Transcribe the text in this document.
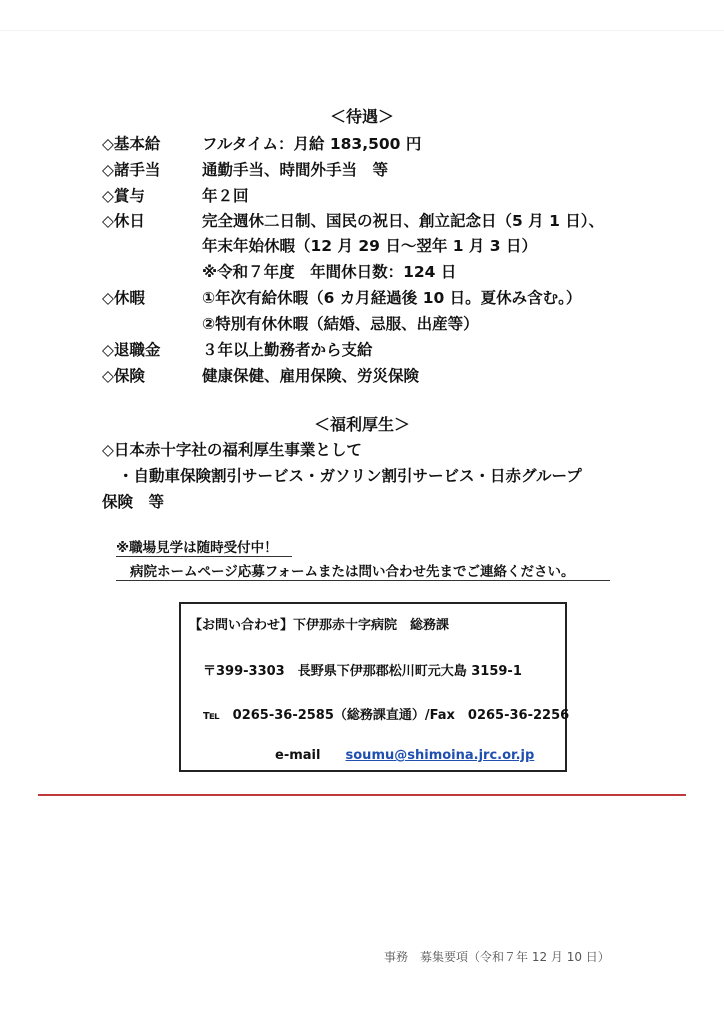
＜待遇＞
◇基本給	フルタイム：月給 183,500 円
◇諸手当	通勤手当、時間外手当　等
◇賞与	年２回
◇休日	完全週休二日制、国民の祝日、創立記念日（5 月 1 日）、
年末年始休暇（12 月 29 日～翌年 1 月 3 日）
※令和７年度　年間休日数：124 日
◇休暇	①年次有給休暇（6 カ月経過後 10 日。夏休み含む。）
②特別有休休暇（結婚、忌服、出産等）
◇退職金	３年以上勤務者から支給
◇保険	健康保健、雇用保険、労災保険
＜福利厚生＞
◇日本赤十字社の福利厚生事業として
・自動車保険割引サービス・ガソリン割引サービス・日赤グループ
保険　等
※職場見学は随時受付中！
病院ホームページ応募フォームまたは問い合わせ先までご連絡ください。
【お問い合わせ】下伊那赤十字病院　総務課
〒399-3303　長野県下伊那郡松川町元大島 3159-1
℡　0265-36-2585（総務課直通）/Fax　0265-36-2256
e-mail soumu@shimoina.jrc.or.jp
事務　募集要項（令和７年 12 月 10 日）
